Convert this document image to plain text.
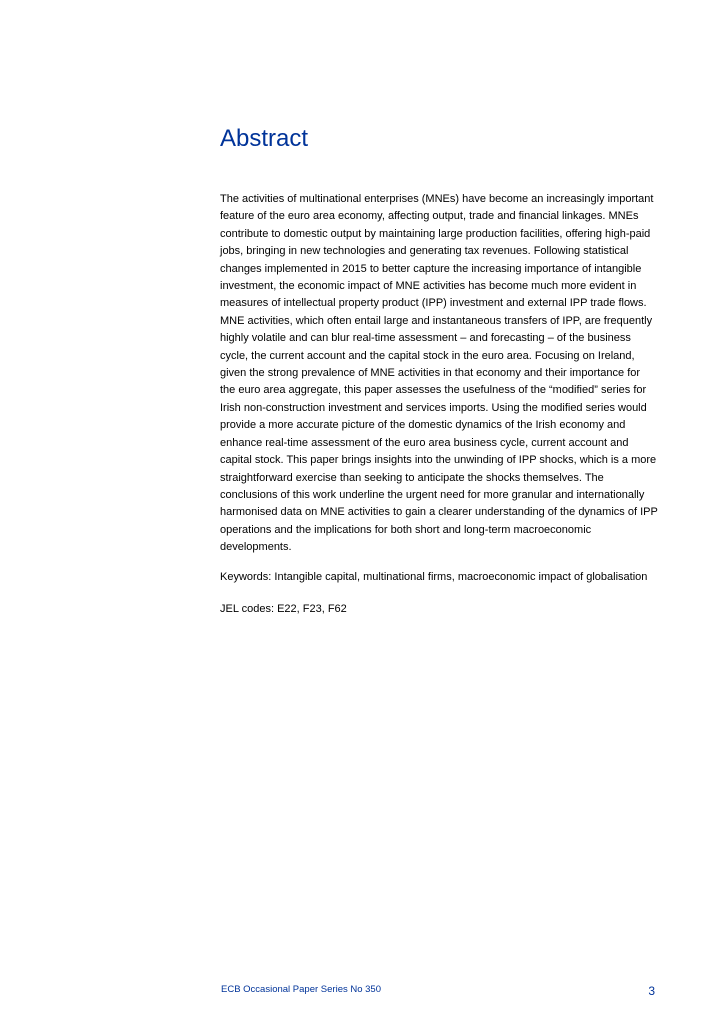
Abstract

The activities of multinational enterprises (MNEs) have become an increasingly important feature of the euro area economy, affecting output, trade and financial linkages. MNEs contribute to domestic output by maintaining large production facilities, offering high-paid jobs, bringing in new technologies and generating tax revenues. Following statistical changes implemented in 2015 to better capture the increasing importance of intangible investment, the economic impact of MNE activities has become much more evident in measures of intellectual property product (IPP) investment and external IPP trade flows. MNE activities, which often entail large and instantaneous transfers of IPP, are frequently highly volatile and can blur real-time assessment – and forecasting – of the business cycle, the current account and the capital stock in the euro area. Focusing on Ireland, given the strong prevalence of MNE activities in that economy and their importance for the euro area aggregate, this paper assesses the usefulness of the “modified” series for Irish non-construction investment and services imports. Using the modified series would provide a more accurate picture of the domestic dynamics of the Irish economy and enhance real-time assessment of the euro area business cycle, current account and capital stock. This paper brings insights into the unwinding of IPP shocks, which is a more straightforward exercise than seeking to anticipate the shocks themselves. The conclusions of this work underline the urgent need for more granular and internationally harmonised data on MNE activities to gain a clearer understanding of the dynamics of IPP operations and the implications for both short and long-term macroeconomic developments.

Keywords: Intangible capital, multinational firms, macroeconomic impact of globalisation

JEL codes: E22, F23, F62

ECB Occasional Paper Series No 350	3
